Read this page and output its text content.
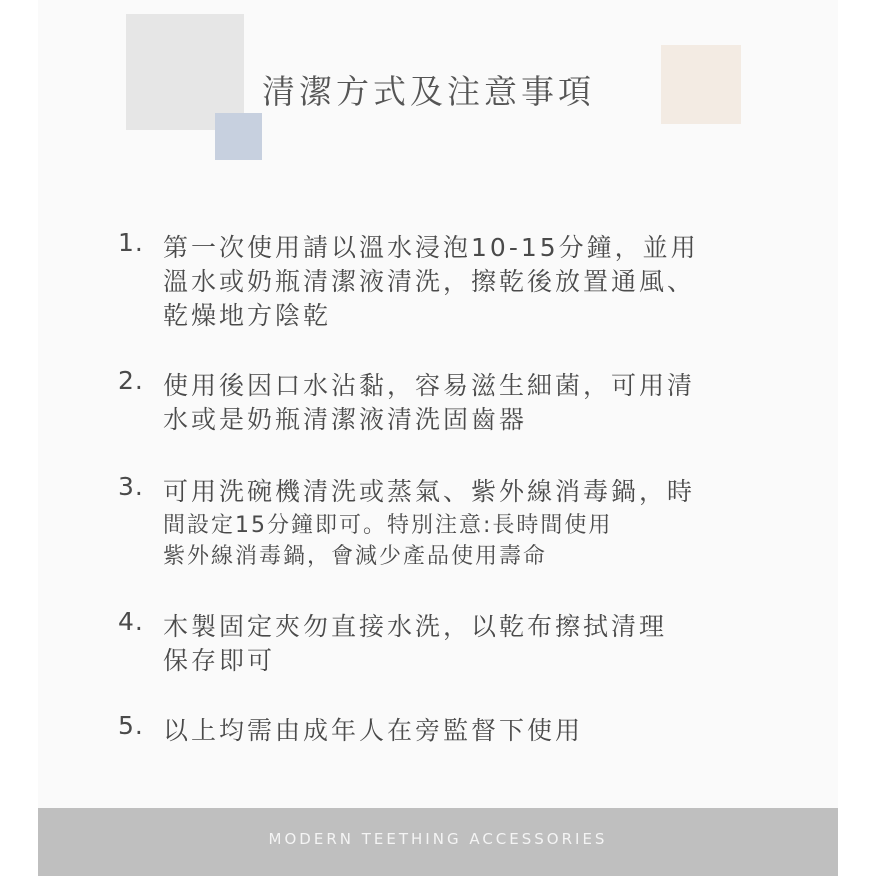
清潔方式及注意事項
1. 第一次使用請以溫水浸泡10-15分鐘，並用
溫水或奶瓶清潔液清洗，擦乾後放置通風、
乾燥地方陰乾
2. 使用後因口水沾黏，容易滋生細菌，可用清
水或是奶瓶清潔液清洗固齒器
3. 可用洗碗機清洗或蒸氣、紫外線消毒鍋，時
間設定15分鐘即可。特別注意:長時間使用
紫外線消毒鍋，會減少產品使用壽命
4. 木製固定夾勿直接水洗，以乾布擦拭清理
保存即可
5. 以上均需由成年人在旁監督下使用
MODERN TEETHING ACCESSORIES
